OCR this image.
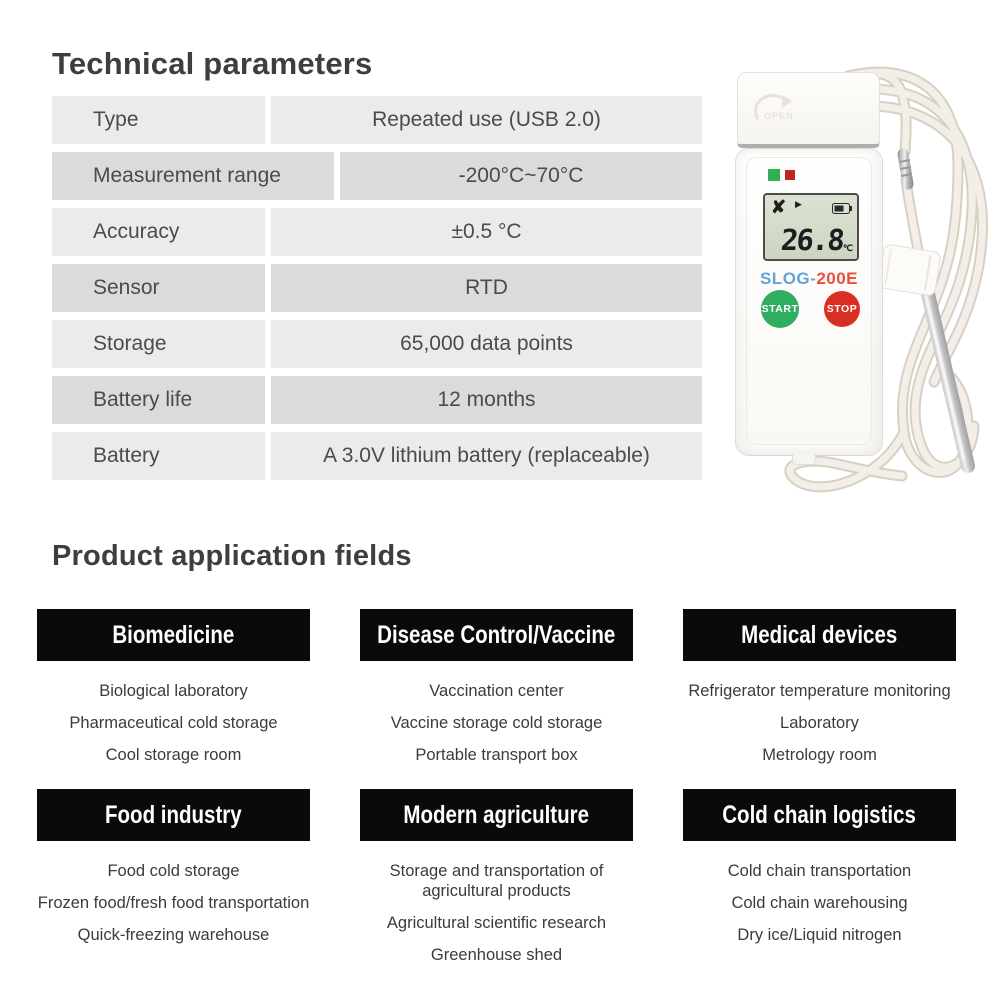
Technical parameters
Type	Repeated use (USB 2.0)
Measurement range	-200°C~70°C
Accuracy	±0.5 °C
Sensor	RTD
Storage	65,000 data points
Battery life	12 months
Battery	A 3.0V lithium battery (replaceable)
OPEN
✘ ▶
26.8
℃
SLOG-200E
START	STOP
Product application fields
Biomedicine
Biological laboratory
Pharmaceutical cold storage
Cool storage room
Disease Control/Vaccine
Vaccination center
Vaccine storage cold storage
Portable transport box
Medical devices
Refrigerator temperature monitoring
Laboratory
Metrology room
Food industry
Food cold storage
Frozen food/fresh food transportation
Quick-freezing warehouse
Modern agriculture
Storage and transportation of agricultural products
Agricultural scientific research
Greenhouse shed
Cold chain logistics
Cold chain transportation
Cold chain warehousing
Dry ice/Liquid nitrogen
